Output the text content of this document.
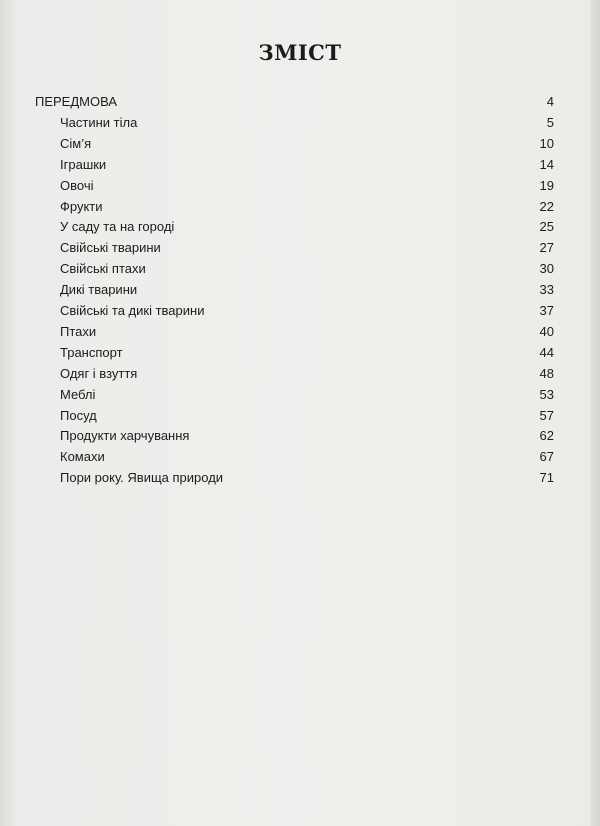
ЗМІСТ
ПЕРЕДМОВА	4
Частини тіла	5
Сім’я	10
Іграшки	14
Овочі	19
Фрукти	22
У саду та на городі	25
Свійські тварини	27
Свійські птахи	30
Дикі тварини	33
Свійські та дикі тварини	37
Птахи	40
Транспорт	44
Одяг і взуття	48
Меблі	53
Посуд	57
Продукти харчування	62
Комахи	67
Пори року. Явища природи	71
